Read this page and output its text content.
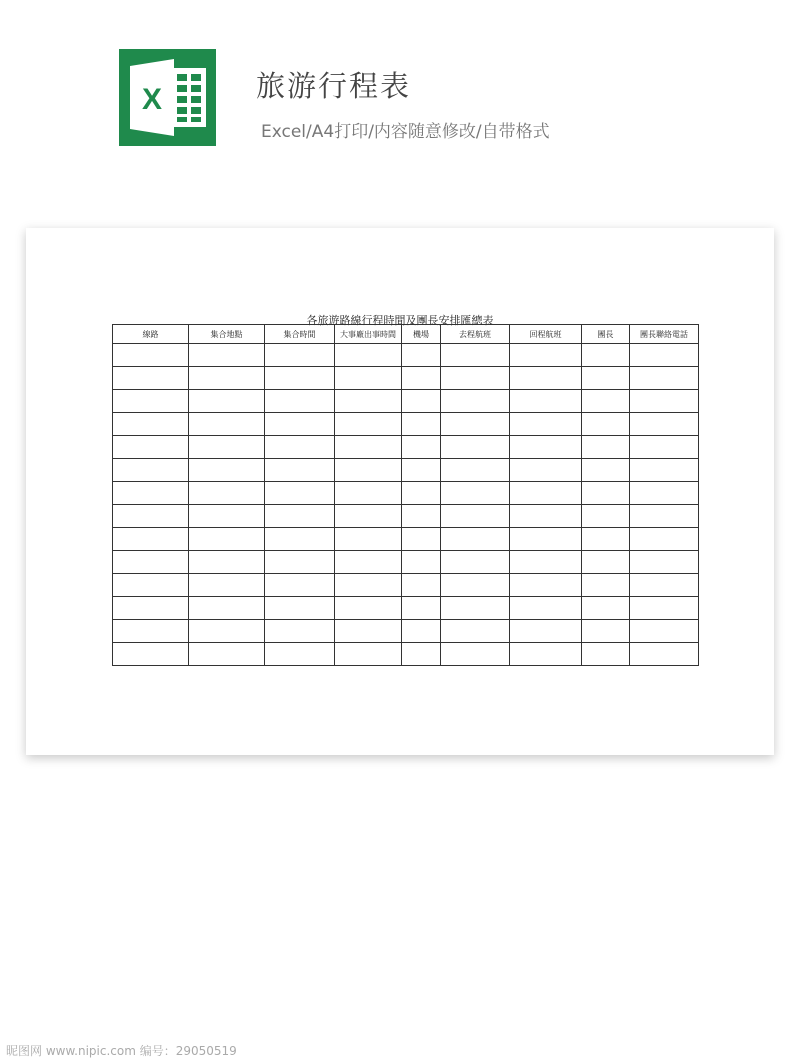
X	旅游行程表
Excel/A4打印/内容随意修改/自带格式
各旅遊路線行程時間及團長安排匯總表
線路	集合地點	集合時間	大事廠出事時間	機場	去程航班	回程航班	團長	團長聯絡電話

昵图网 www.nipic.com 编号：29050519
